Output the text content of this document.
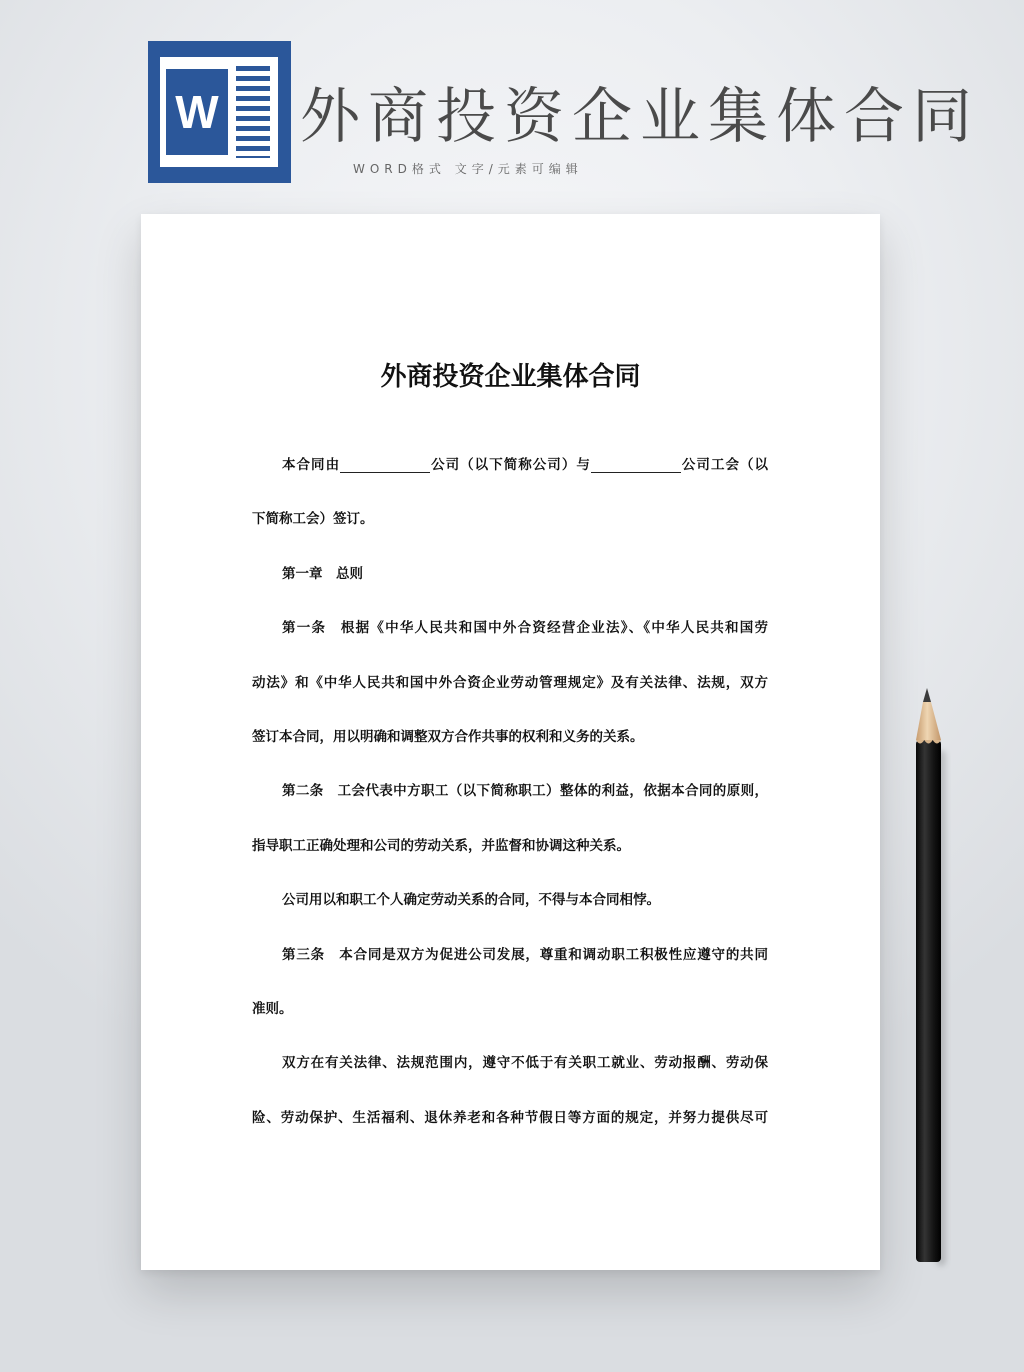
W 外商投资企业集体合同
WORD格式 文字/元素可编辑
外商投资企业集体合同
本合同由	公司（以下简称公司）与	公司工会（以
下简称工会）签订。
第一章　总则
第一条　根据《中华人民共和国中外合资经营企业法》、《中华人民共和国劳
动法》和《中华人民共和国中外合资企业劳动管理规定》及有关法律、法规，双方
签订本合同，用以明确和调整双方合作共事的权利和义务的关系。
第二条　工会代表中方职工（以下简称职工）整体的利益，依据本合同的原则，
指导职工正确处理和公司的劳动关系，并监督和协调这种关系。
公司用以和职工个人确定劳动关系的合同，不得与本合同相悖。
第三条　本合同是双方为促进公司发展，尊重和调动职工积极性应遵守的共同
准则。
双方在有关法律、法规范围内，遵守不低于有关职工就业、劳动报酬、劳动保
险、劳动保护、生活福利、退休养老和各种节假日等方面的规定，并努力提供尽可
